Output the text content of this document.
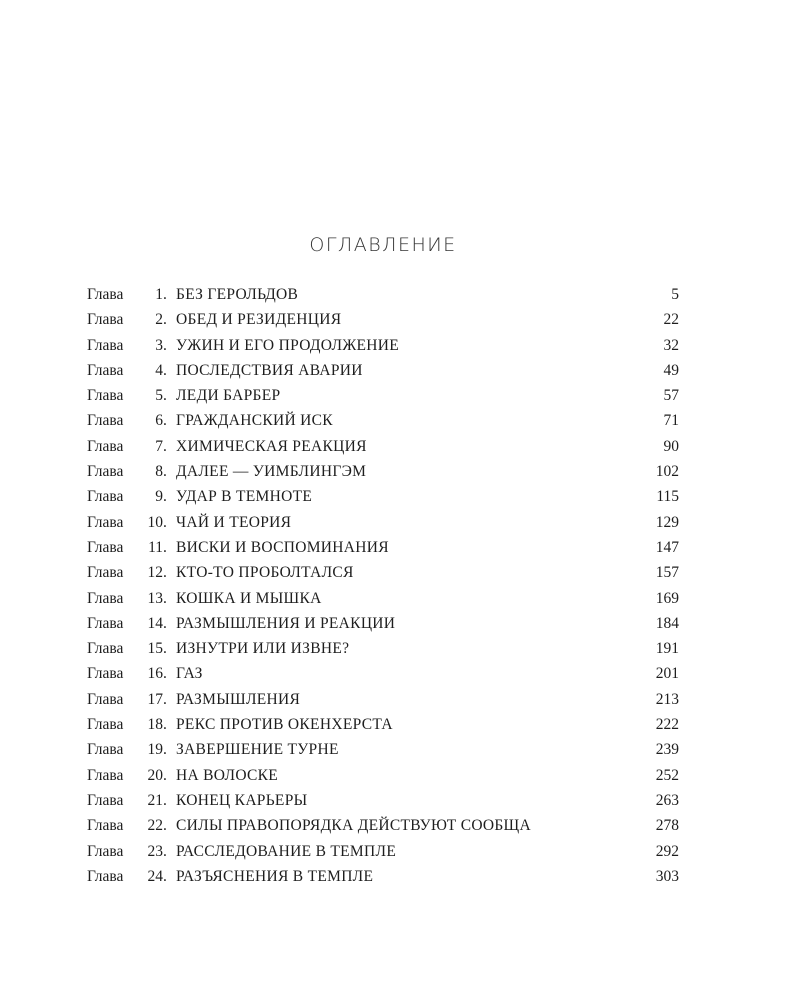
ОГЛАВЛЕНИЕ
Глава	1 . БЕЗ ГЕРОЛЬДОВ	5
Глава	2 . ОБЕД И РЕЗИДЕНЦИЯ	22
Глава	3 . УЖИН И ЕГО ПРОДОЛЖЕНИЕ	32
Глава	4 . ПОСЛЕДСТВИЯ АВАРИИ	49
Глава	5 . ЛЕДИ БАРБЕР	57
Глава	6 . ГРАЖДАНСКИЙ ИСК	71
Глава	7 . ХИМИЧЕСКАЯ РЕАКЦИЯ	90
Глава	8 . ДАЛЕЕ — УИМБЛИНГЭМ	102
Глава	9 . УДАР В ТЕМНОТЕ	115
Глава	10 . ЧАЙ И ТЕОРИЯ	129
Глава	11 . ВИСКИ И ВОСПОМИНАНИЯ	147
Глава	12 . КТО-ТО ПРОБОЛТАЛСЯ	157
Глава	13 . КОШКА И МЫШКА	169
Глава	14 . РАЗМЫШЛЕНИЯ И РЕАКЦИИ	184
Глава	15 . ИЗНУТРИ ИЛИ ИЗВНЕ?	191
Глава	16 . ГАЗ	201
Глава	17 . РАЗМЫШЛЕНИЯ	213
Глава	18 . РЕКС ПРОТИВ ОКЕНХЕРСТА	222
Глава	19 . ЗАВЕРШЕНИЕ ТУРНЕ	239
Глава	20 . НА ВОЛОСКЕ	252
Глава	21 . КОНЕЦ КАРЬЕРЫ	263
Глава	22 . СИЛЫ ПРАВОПОРЯДКА ДЕЙСТВУЮТ СООБЩА	278
Глава	23 . РАССЛЕДОВАНИЕ В ТЕМПЛЕ	292
Глава	24 . РАЗЪЯСНЕНИЯ В ТЕМПЛЕ	303
